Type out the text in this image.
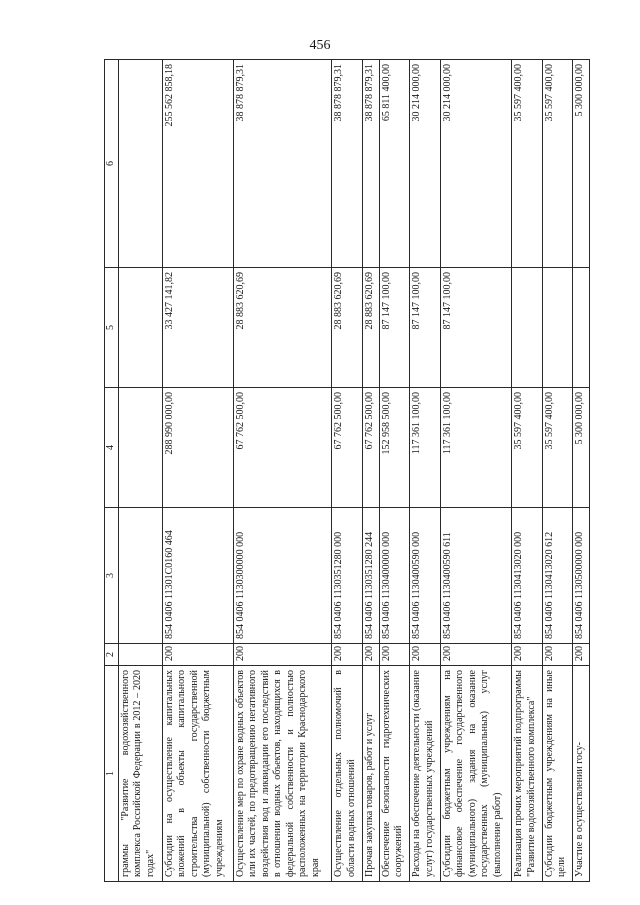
456
1	2	3	4	5	6
граммы "Развитие водохозяйственного комплекса Российской Федерации в 2012 – 2020 годах"					
Субсидии на осуществление капитальных вложений в объекты капитального строительства государственной (муниципальной) собственности бюджетным учреждениям	200	854 0406 11301С0160 464	288 990 000,00	33 427 141,82	255 562 858,18
Осуществление мер по охране водных объектов или их частей, по предотвращению негативного воздействия вод и ликвидации его последствий в отношении водных объектов, находящихся в федеральной собственности и полностью расположенных на территории Краснодарского края	200	854 0406 1130300000 000	67 762 500,00	28 883 620,69	38 878 879,31
Осуществление отдельных полномочий в области водных отношений	200	854 0406 1130351280 000	67 762 500,00	28 883 620,69	38 878 879,31
Прочая закупка товаров, работ и услуг	200	854 0406 1130351280 244	67 762 500,00	28 883 620,69	38 878 879,31
Обеспечение безопасности гидротехнических сооружений	200	854 0406 1130400000 000	152 958 500,00	87 147 100,00	65 811 400,00
Расходы на обеспечение деятельности (оказание услуг) государственных учреждений	200	854 0406 1130400590 000	117 361 100,00	87 147 100,00	30 214 000,00
Субсидии бюджетным учреждениям на финансовое обеспечение государственного (муниципального) задания на оказание государственных (муниципальных) услуг (выполнение работ)	200	854 0406 1130400590 611	117 361 100,00	87 147 100,00	30 214 000,00
Реализация прочих мероприятий подпрограммы "Развитие водохозяйственного комплекса"	200	854 0406 1130413020 000	35 597 400,00		35 597 400,00
Субсидии бюджетным учреждениям на иные цели	200	854 0406 1130413020 612	35 597 400,00		35 597 400,00
Участие в осуществлении госу-	200	854 0406 1130500000 000	5 300 000,00		5 300 000,00
